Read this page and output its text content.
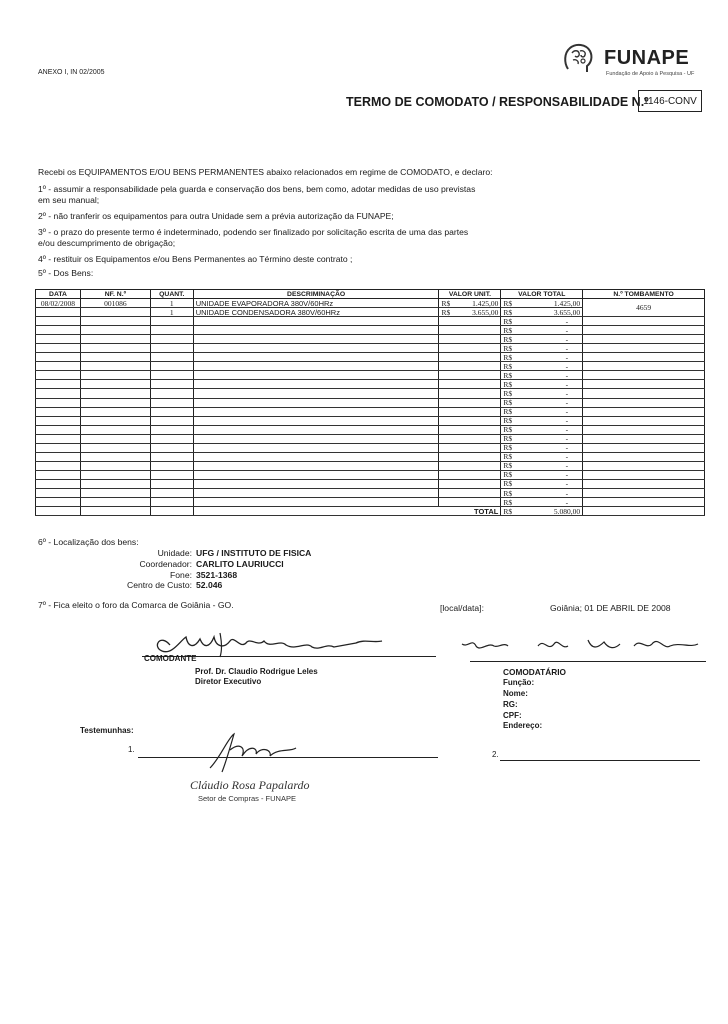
ANEXO I, IN 02/2005
FUNAPE
Fundação de Apoio à Pesquisa - UF
TERMO DE COMODATO / RESPONSABILIDADE N.º
1146-CONV
Recebi os EQUIPAMENTOS E/OU BENS PERMANENTES abaixo relacionados em regime de COMODATO, e declaro:
1º - assumir a responsabilidade pela guarda e conservação dos bens, bem como, adotar medidas de uso previstas
em seu manual;
2º - não tranferir os equipamentos para outra Unidade sem a prévia autorização da FUNAPE;
3º - o prazo do presente termo é indeterminado, podendo ser finalizado por solicitação escrita de uma das partes
e/ou descumprimento de obrigação;
4º - restituir os Equipamentos e/ou Bens Permanentes ao Término deste contrato ;
5º - Dos Bens:
DATA	NF. N.º	QUANT.	DESCRIMINAÇÃO	VALOR UNIT.	VALOR TOTAL	N.º TOMBAMENTO
08/02/2008	001086	1	UNIDADE EVAPORADORA 380V/60HRz	R$ 1.425,00	R$ 1.425,00	4659
		1	UNIDADE CONDENSADORA 380V/60HRz	R$ 3.655,00	R$ 3.655,00	

					R$ -	

					R$ -	

					R$ -	

					R$ -	

					R$ -	

					R$ -	

					R$ -	

					R$ -	

					R$ -	

					R$ -	

					R$ -	

					R$ -	

					R$ -	

					R$ -	

					R$ -	

					R$ -	

					R$ -	

					R$ -	

					R$ -	

					R$ -	

					R$ -	
			TOTAL		R$ 5.080,00	
6º - Localização dos bens:
Unidade: UFG / INSTITUTO DE FISICA
Coordenador: CARLITO LAURIUCCI
Fone: 3521-1368
Centro de Custo: 52.046
7º - Fica eleito o foro da Comarca de Goiânia - GO.	[local/data]:	Goiânia; 01 DE ABRIL DE 2008
COMODANTE
Prof. Dr. Claudio Rodrigue Leles
Diretor Executivo
COMODATÁRIO
Função:
Nome:
RG:
CPF:
Endereço:
Testemunhas:
1.
Cláudio Rosa Papalardo
Setor de Compras - FUNAPE
2.
